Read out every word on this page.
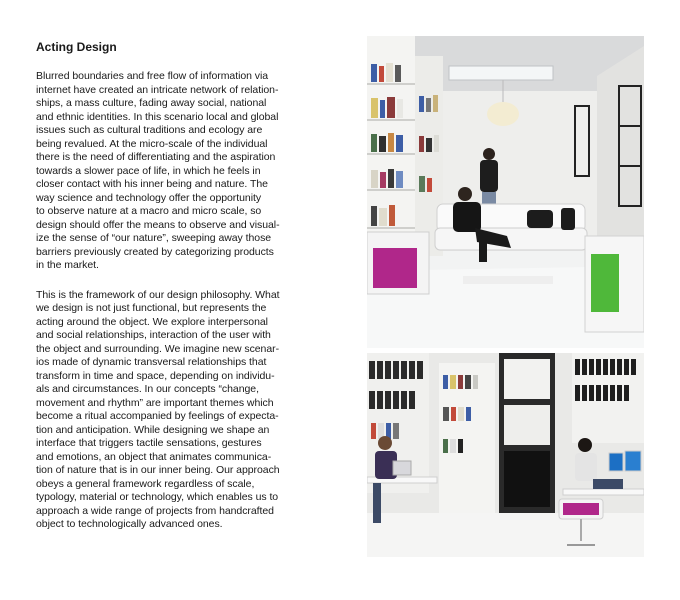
Acting Design

Blurred boundaries and free flow of information via
internet have created an intricate network of relation-
ships, a mass culture, fading away social, national
and ethnic identities. In this scenario local and global
issues such as cultural traditions and ecology are
being revalued. At the micro-scale of the individual
there is the need of differentiating and the aspiration
towards a slower pace of life, in which he feels in
closer contact with his inner being and nature. The
way science and technology offer the opportunity
to observe nature at a macro and micro scale, so
design should offer the means to observe and visual-
ize the sense of “our nature”, sweeping away those
barriers previously created by categorizing products
in the market.

This is the framework of our design philosophy. What
we design is not just functional, but represents the
acting around the object. We explore interpersonal
and social relationships, interaction of the user with
the object and surrounding. We imagine new scenar-
ios made of dynamic transversal relationships that
transform in time and space, depending on individu-
als and circumstances. In our concepts “change,
movement and rhythm” are important themes which
become a ritual accompanied by feelings of expecta-
tion and anticipation. While designing we shape an
interface that triggers tactile sensations, gestures
and emotions, an object that animates communica-
tion of nature that is in our inner being. Our approach
obeys a general framework regardless of scale,
typology, material or technology, which enables us to
approach a wide range of projects from handcrafted
object to technologically advanced ones.
